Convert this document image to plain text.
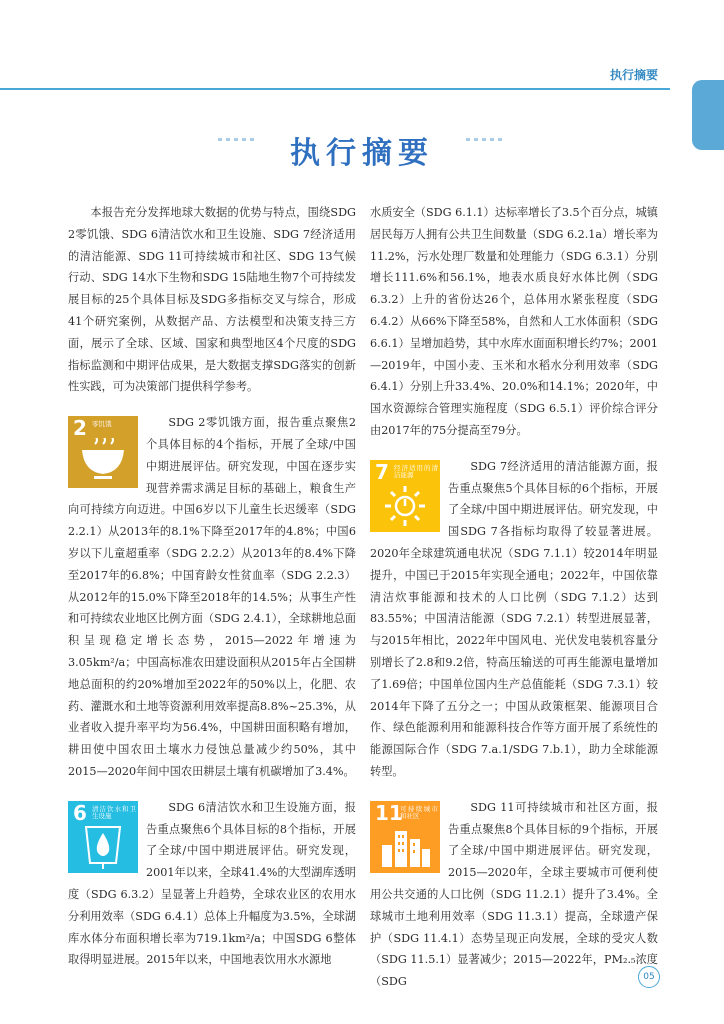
执行摘要
执行摘要

本报告充分发挥地球大数据的优势与特点，围绕SDG 2零饥饿、SDG 6清洁饮水和卫生设施、SDG 7经济适用的清洁能源、SDG 11可持续城市和社区、SDG 13气候行动、SDG 14水下生物和SDG 15陆地生物7个可持续发展目标的25个具体目标及SDG多指标交叉与综合，形成41个研究案例，从数据产品、方法模型和决策支持三方面，展示了全球、区域、国家和典型地区4个尺度的SDG指标监测和中期评估成果，是大数据支撑SDG落实的创新性实践，可为决策部门提供科学参考。

2 零饥饿	SDG 2零饥饿方面，报告重点聚焦2个具体目标的4个指标，开展了全球/中国中期进展评估。研究发现，中国在逐步实现营养需求满足目标的基础上，粮食生产向可持续方向迈进。中国6岁以下儿童生长迟缓率（SDG 2.2.1）从2013年的8.1%下降至2017年的4.8%；中国6岁以下儿童超重率（SDG 2.2.2）从2013年的8.4%下降至2017年的6.8%；中国育龄女性贫血率（SDG 2.2.3）从2012年的15.0%下降至2018年的14.5%；从事生产性和可持续农业地区比例方面（SDG 2.4.1），全球耕地总面积呈现稳定增长态势，2015—2022年增速为3.05km²/a；中国高标准农田建设面积从2015年占全国耕地总面积的约20%增加至2022年的50%以上，化肥、农药、灌溉水和土地等资源利用效率提高8.8%~25.3%，从业者收入提升率平均为56.4%，中国耕田面积略有增加，耕田使中国农田土壤水力侵蚀总量减少约50%，其中2015—2020年间中国农田耕层土壤有机碳增加了3.4%。

6 清洁饮水和卫生设施

SDG 6清洁饮水和卫生设施方面，报告重点聚焦6个具体目标的8个指标，开展了全球/中国中期进展评估。研究发现，2001年以来，全球41.4%的大型湖库透明度（SDG 6.3.2）呈显著上升趋势，全球农业区的农用水分利用效率（SDG 6.4.1）总体上升幅度为3.5%，全球湖库水体分布面积增长率为719.1km²/a；中国SDG 6整体取得明显进展。2015年以来，中国地表饮用水水源地

水质安全（SDG 6.1.1）达标率增长了3.5个百分点，城镇居民每万人拥有公共卫生间数量（SDG 6.2.1a）增长率为11.2%，污水处理厂数量和处理能力（SDG 6.3.1）分别增长111.6%和56.1%，地表水质良好水体比例（SDG 6.3.2）上升的省份达26个，总体用水紧张程度（SDG 6.4.2）从66%下降至58%，自然和人工水体面积（SDG 6.6.1）呈增加趋势，其中水库水面面积增长约7%；2001—2019年，中国小麦、玉米和水稻水分利用效率（SDG 6.4.1）分别上升33.4%、20.0%和14.1%；2020年，中国水资源综合管理实施程度（SDG 6.5.1）评价综合评分由2017年的75分提高至79分。

7 经济适用的清洁能源

SDG 7经济适用的清洁能源方面，报告重点聚焦5个具体目标的6个指标，开展了全球/中国中期进展评估。研究发现，中国SDG 7各指标均取得了较显著进展。2020年全球建筑通电状况（SDG 7.1.1）较2014年明显提升，中国已于2015年实现全通电；2022年，中国依靠清洁炊事能源和技术的人口比例（SDG 7.1.2）达到83.55%；中国清洁能源（SDG 7.2.1）转型进展显著，与2015年相比，2022年中国风电、光伏发电装机容量分别增长了2.8和9.2倍，特高压输送的可再生能源电量增加了1.69倍；中国单位国内生产总值能耗（SDG 7.3.1）较2014年下降了五分之一；中国从政策框架、能源项目合作、绿色能源利用和能源科技合作等方面开展了系统性的能源国际合作（SDG 7.a.1/SDG 7.b.1），助力全球能源转型。

11
可持续城市和社区

SDG 11可持续城市和社区方面，报告重点聚焦8个具体目标的9个指标，开展了全球/中国中期进展评估。研究发现，2015—2020年，全球主要城市可便利使用公共交通的人口比例（SDG 11.2.1）提升了3.4%。全球城市土地利用效率（SDG 11.3.1）提高，全球遗产保护（SDG 11.4.1）态势呈现正向发展，全球的受灾人数（SDG 11.5.1）显著减少；2015—2022年，PM₂.₅浓度（SDG	05
